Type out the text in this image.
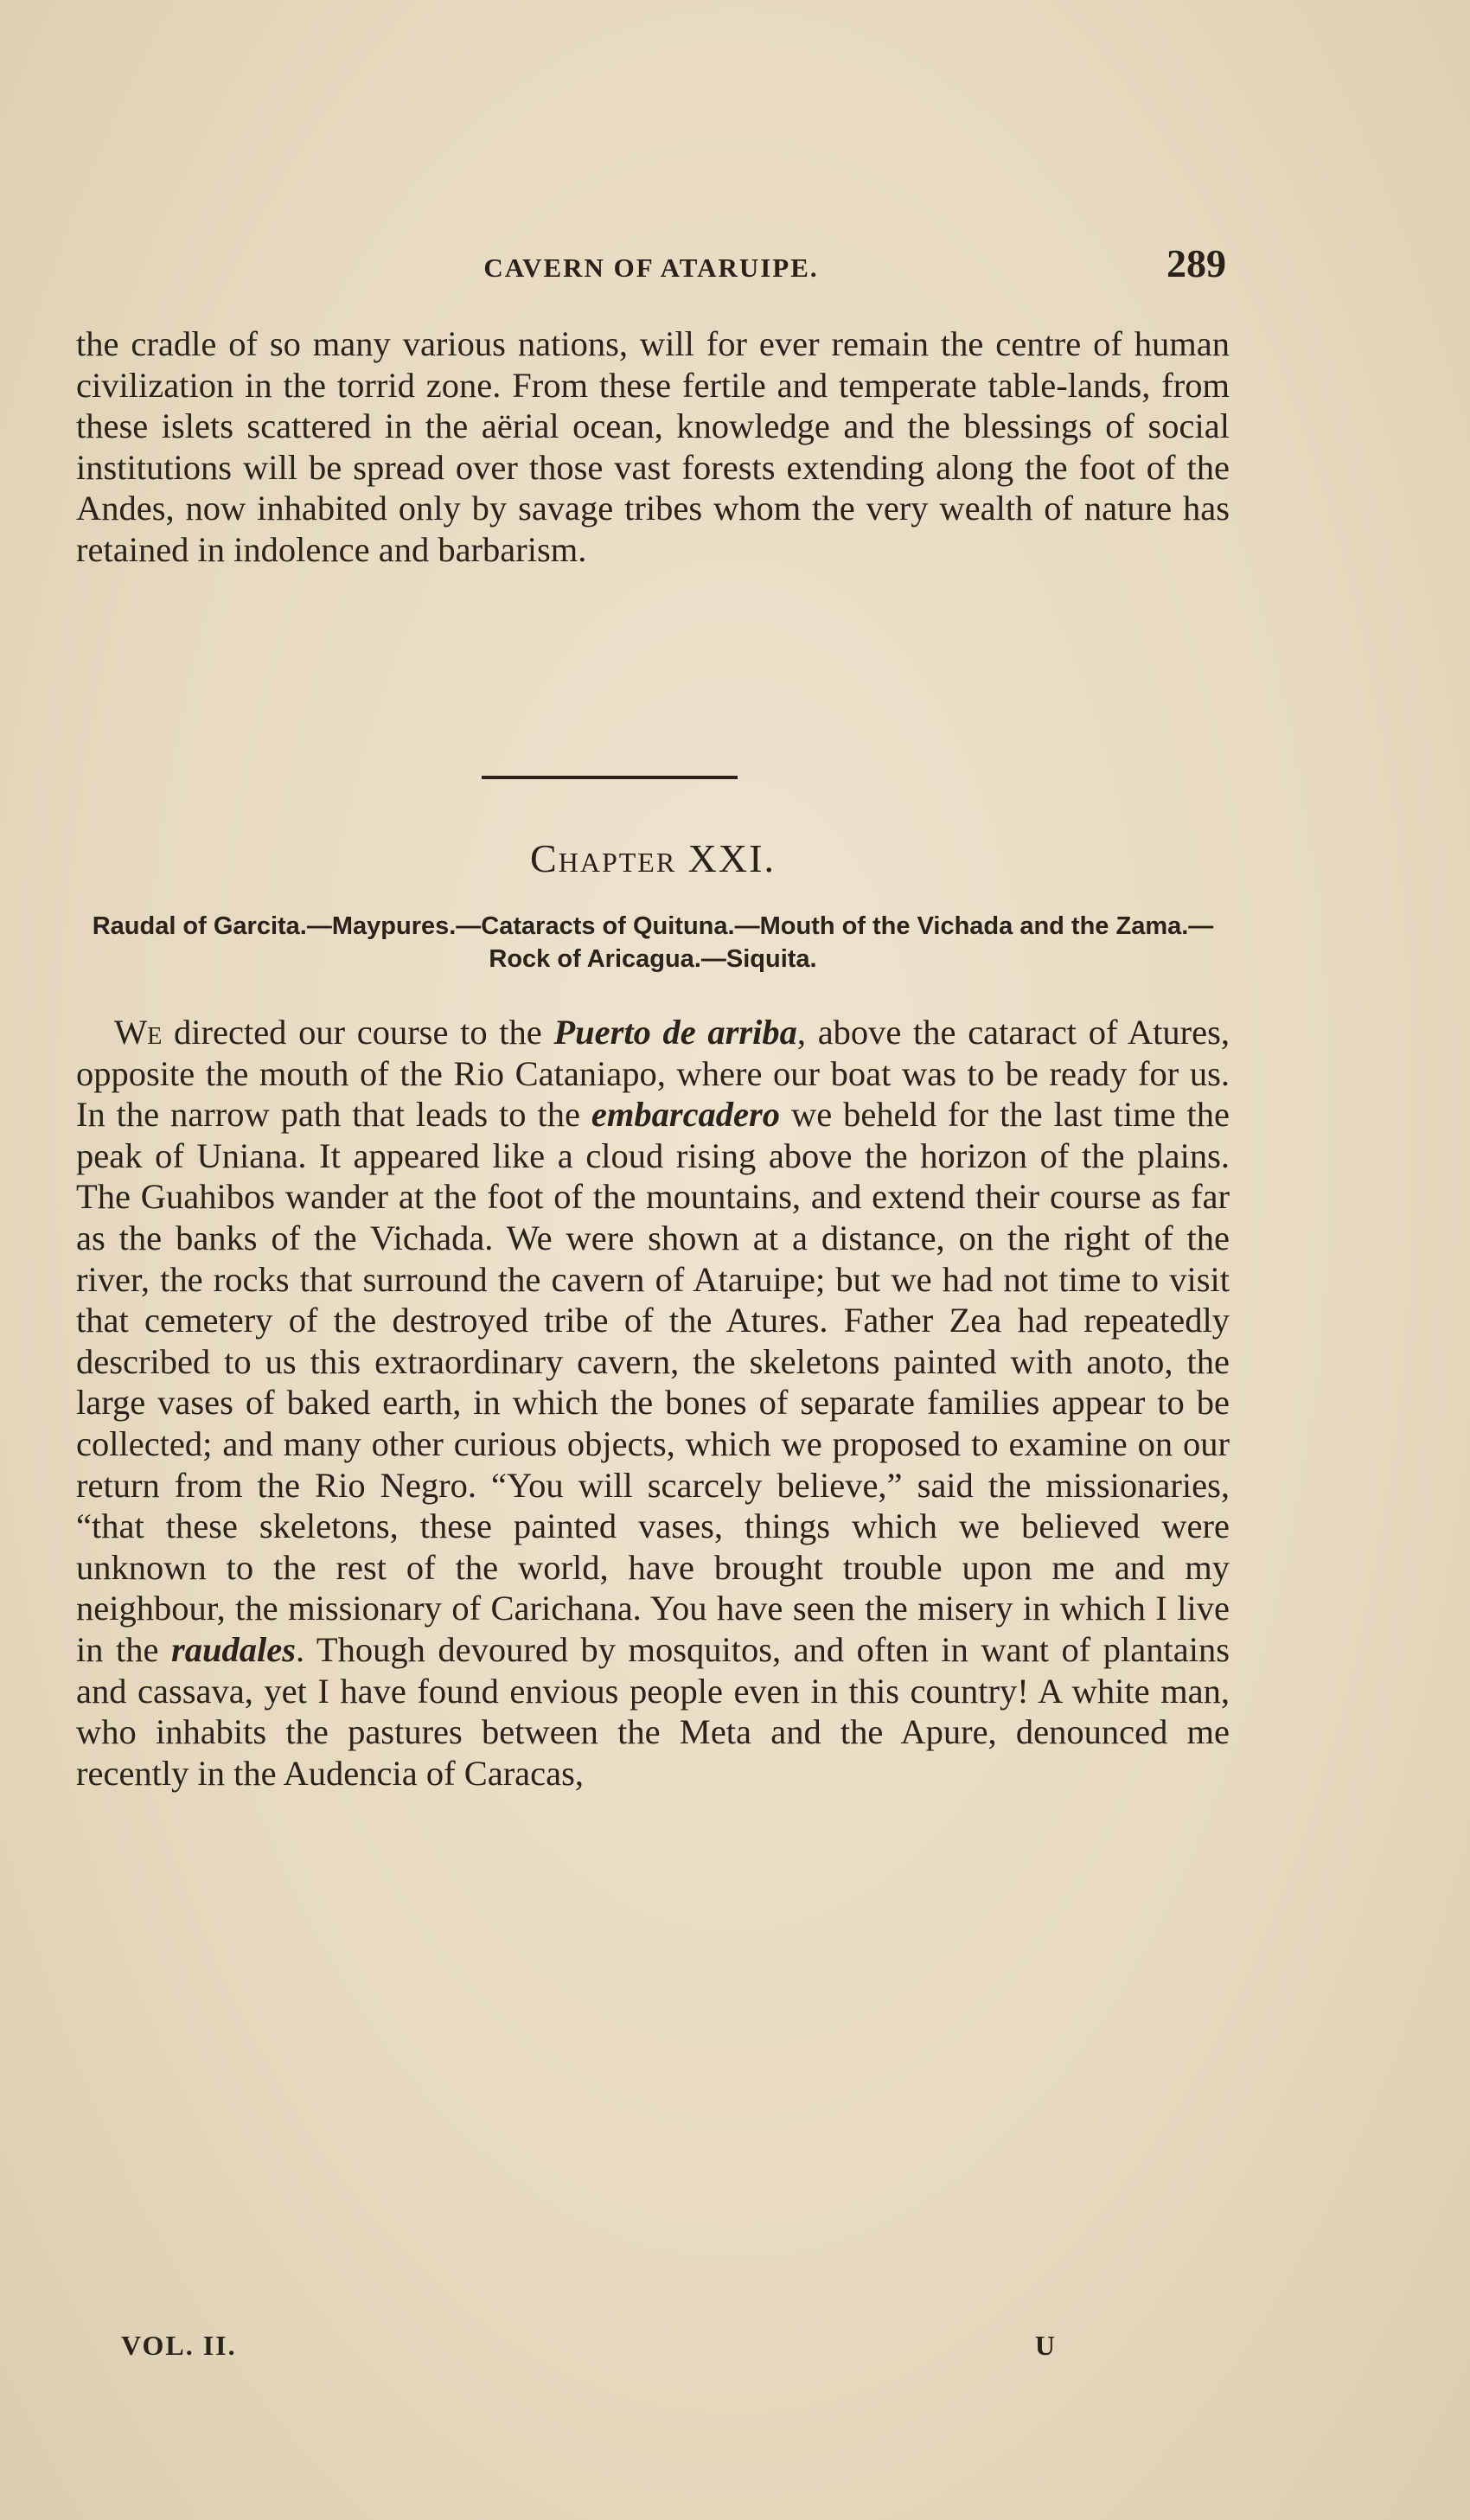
CAVERN OF ATARUIPE.	289

the cradle of so many various nations, will for ever remain the centre of human civilization in the torrid zone. From these fertile and temperate table-lands, from these islets scattered in the aërial ocean, knowledge and the blessings of social institutions will be spread over those vast forests extending along the foot of the Andes, now inhabited only by savage tribes whom the very wealth of nature has retained in indolence and barbarism.

Chapter XXI.
Raudal of Garcita.—Maypures.—Cataracts of Quituna.—Mouth of the Vichada and the Zama.—Rock of Aricagua.—Siquita.

We directed our course to the Puerto de arriba, above the cataract of Atures, opposite the mouth of the Rio Cataniapo, where our boat was to be ready for us. In the narrow path that leads to the embarcadero we beheld for the last time the peak of Uniana. It appeared like a cloud rising above the horizon of the plains. The Guahibos wander at the foot of the mountains, and extend their course as far as the banks of the Vichada. We were shown at a distance, on the right of the river, the rocks that surround the cavern of Ataruipe; but we had not time to visit that cemetery of the destroyed tribe of the Atures. Father Zea had repeatedly described to us this extraordinary cavern, the skeletons painted with anoto, the large vases of baked earth, in which the bones of separate families appear to be collected; and many other curious objects, which we proposed to examine on our return from the Rio Negro. “You will scarcely believe,” said the missionaries, “that these skeletons, these painted vases, things which we believed were unknown to the rest of the world, have brought trouble upon me and my neighbour, the missionary of Carichana. You have seen the misery in which I live in the raudales. Though devoured by mosquitos, and often in want of plantains and cassava, yet I have found envious people even in this country! A white man, who inhabits the pastures between the Meta and the Apure, denounced me recently in the Audencia of Caracas,

VOL. II.	U
